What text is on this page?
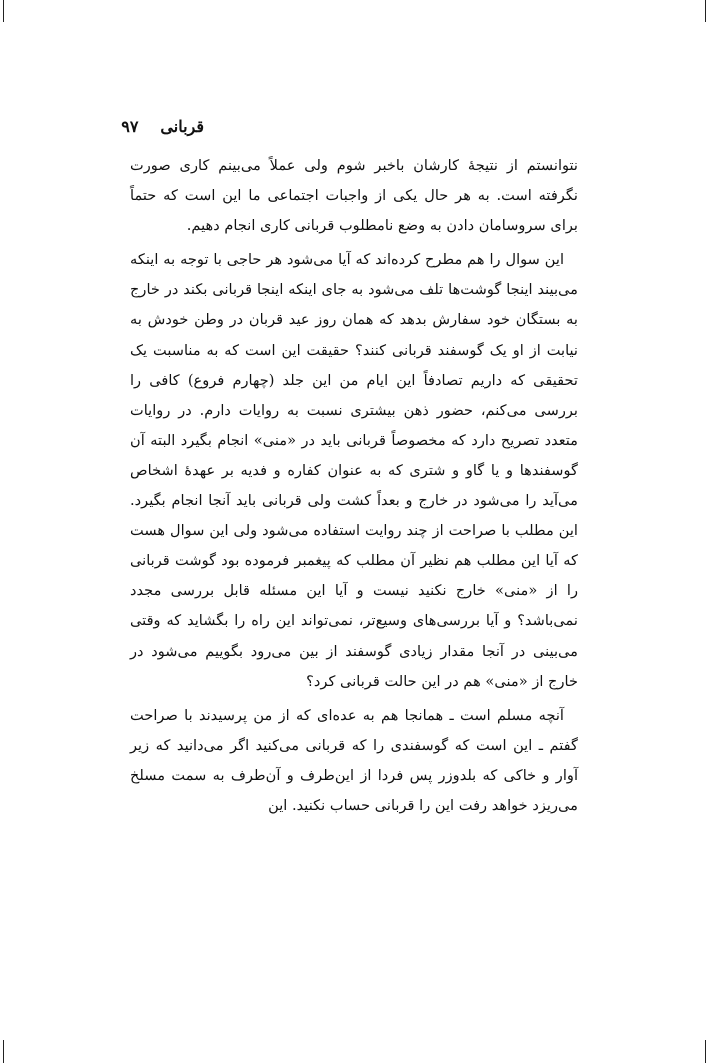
قربانی
۹۷

نتوانستم از نتیجهٔ کارشان باخبر شوم ولی عملاً می‌بینم کاری صورت نگرفته است. به هر حال یکی از واجبات اجتماعی ما این است که حتماً برای سروسامان دادن به وضع نامطلوب قربانی کاری انجام دهیم.

این سوال را هم مطرح کرده‌اند که آیا می‌شود هر حاجی با توجه به اینکه می‌بیند اینجا گوشت‌ها تلف می‌شود به جای اینکه اینجا قربانی بکند در خارج به بستگان خود سفارش بدهد که همان روز عید قربان در وطن خودش به نیابت از او یک گوسفند قربانی کنند؟ حقیقت این است که به مناسبت یک تحقیقی که داریم تصادفاً این ایام من این جلد (چهارم فروع) کافی را بررسی می‌کنم، حضور ذهن بیشتری نسبت به روایات دارم. در روایات متعدد تصریح دارد که مخصوصاً قربانی باید در «منی» انجام بگیرد البته آن گوسفندها و یا گاو و شتری که به عنوان کفاره و فدیه بر عهدهٔ اشخاص می‌آید را می‌شود در خارج و بعداً کشت ولی قربانی باید آنجا انجام بگیرد. این مطلب با صراحت از چند روایت استفاده می‌شود ولی این سوال هست که آیا این مطلب هم نظیر آن مطلب که پیغمبر فرموده بود گوشت قربانی را از «منی» خارج نکنید نیست و آیا این مسئله قابل بررسی مجدد نمی‌باشد؟ و آیا بررسی‌های وسیع‌تر، نمی‌تواند این راه را بگشاید که وقتی می‌بینی در آنجا مقدار زیادی گوسفند از بین می‌رود بگوییم می‌شود در خارج از «منی» هم در این حالت قربانی کرد؟

آنچه مسلم است ـ همانجا هم به عده‌ای که از من پرسیدند با صراحت گفتم ـ این است که گوسفندی را که قربانی می‌کنید اگر می‌دانید که زیر آوار و خاکی که بلدوزر پس فردا از این‌طرف و آن‌طرف به سمت مسلخ می‌ریزد خواهد رفت این را قربانی حساب نکنید. این
